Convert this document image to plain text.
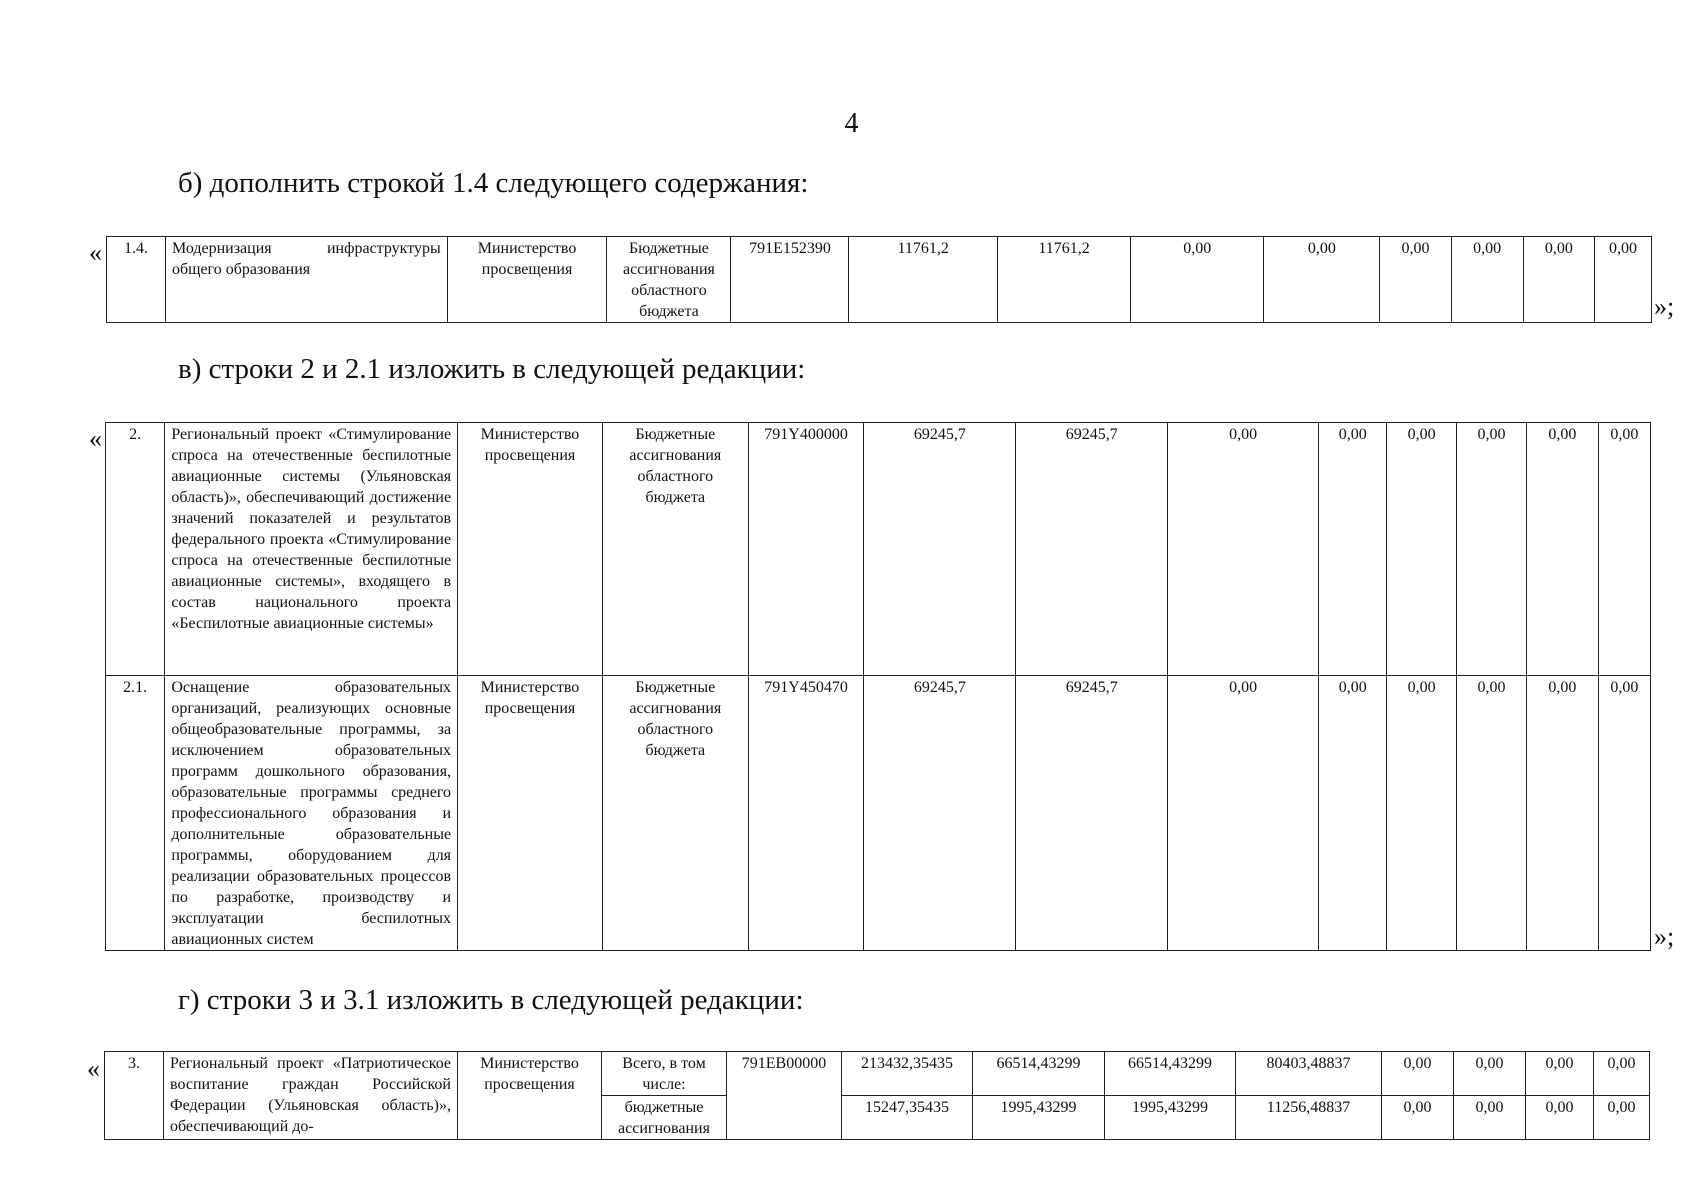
4
б) дополнить строкой 1.4 следующего содержания:
« 1.4.	Модернизация инфраструктуры общего образования	Министерство просвещения	Бюджетные ассигнования областного бюджета	791E152390	11761,2	11761,2	0,00	0,00	0,00	0,00	0,00	0,00
»;
в) строки 2 и 2.1 изложить в следующей редакции:
« 2.	Региональный проект «Стимулирование спроса на отечественные беспилотные авиационные системы (Ульяновская область)», обеспечивающий достижение значений показателей и результатов федерального проекта «Стимулирование спроса на отечественные беспилотные авиационные системы», входящего в состав национального проекта «Беспилотные авиационные системы»	Министерство просвещения	Бюджетные ассигнования областного бюджета	791Y400000	69245,7	69245,7	0,00	0,00	0,00	0,00	0,00	0,00
2.1.	Оснащение образовательных организаций, реализующих основные общеобразовательные программы, за исключением образовательных программ дошкольного образования, образовательные программы среднего профессионального образования и дополнительные образовательные программы, оборудованием для реализации образовательных процессов по разработке, производству и эксплуатации беспилотных авиационных систем	Министерство просвещения	Бюджетные ассигнования областного бюджета	791Y450470	69245,7	69245,7	0,00	0,00	0,00	0,00	0,00	0,00
»;
г) строки 3 и 3.1 изложить в следующей редакции:
« 3.	Региональный проект «Патриотическое воспитание граждан Российской Федерации (Ульяновская область)», обеспечивающий до-	Министерство просвещения	Всего, в том числе:	791EB00000	213432,35435	66514,43299	66514,43299	80403,48837	0,00	0,00	0,00	0,00
			бюджетные ассигнования		15247,35435	1995,43299	1995,43299	11256,48837	0,00	0,00	0,00	0,00
